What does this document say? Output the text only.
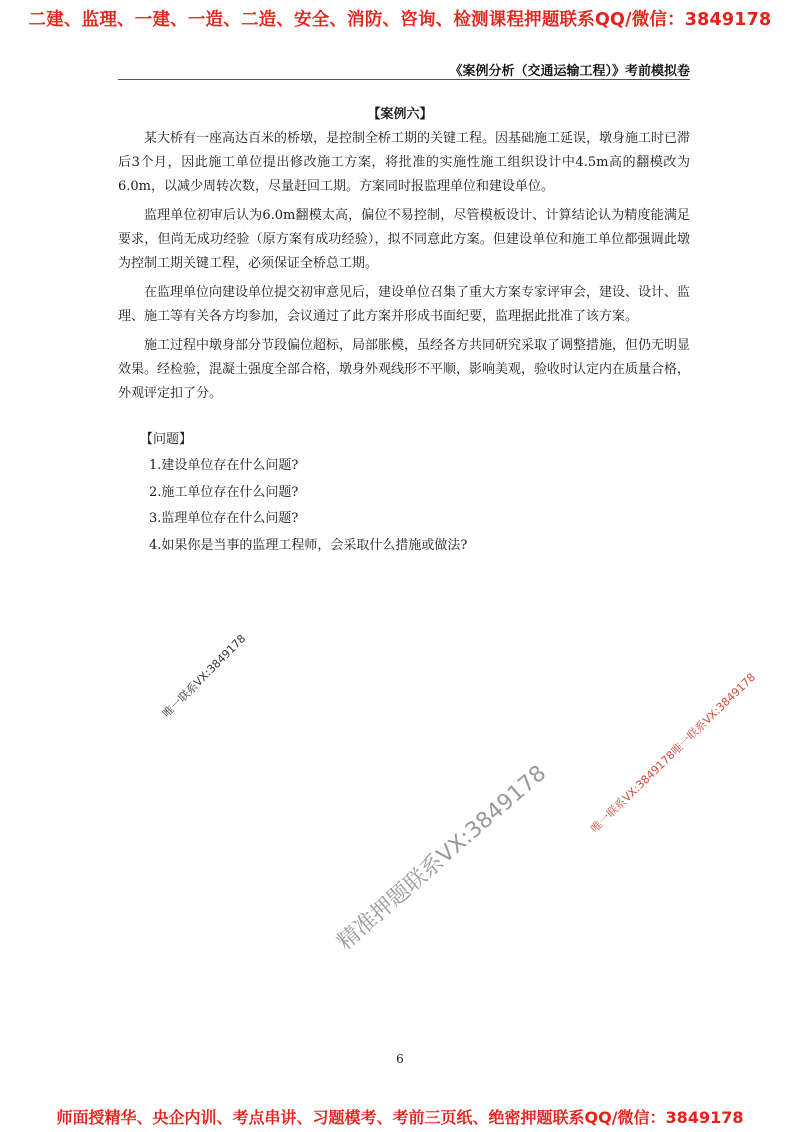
二建、监理、一建、一造、二造、安全、消防、咨询、检测课程押题联系QQ/微信：3849178
《案例分析（交通运输工程）》考前模拟卷
【案例六】

某大桥有一座高达百米的桥墩，是控制全桥工期的关键工程。因基础施工延误，墩身施工时已滞后3个月，因此施工单位提出修改施工方案，将批准的实施性施工组织设计中4.5m高的翻模改为6.0m，以减少周转次数，尽量赶回工期。方案同时报监理单位和建设单位。

监理单位初审后认为6.0m翻模太高，偏位不易控制，尽管模板设计、计算结论认为精度能满足要求，但尚无成功经验（原方案有成功经验），拟不同意此方案。但建设单位和施工单位都强调此墩为控制工期关键工程，必须保证全桥总工期。

在监理单位向建设单位提交初审意见后，建设单位召集了重大方案专家评审会，建设、设计、监理、施工等有关各方均参加，会议通过了此方案并形成书面纪要，监理据此批准了该方案。

施工过程中墩身部分节段偏位超标，局部胀模，虽经各方共同研究采取了调整措施，但仍无明显效果。经检验，混凝土强度全部合格，墩身外观线形不平顺，影响美观，验收时认定内在质量合格，外观评定扣了分。

【问题】
1.建设单位存在什么问题?
2.施工单位存在什么问题?
3.监理单位存在什么问题?
4.如果你是当事的监理工程师，会采取什么措施或做法?
唯一联系VX:3849178
精准押题联系VX:3849178
唯一联系VX:3849178唯一联系VX:3849178
6
师面授精华、央企内训、考点串讲、习题模考、考前三页纸、绝密押题联系QQ/微信：3849178
